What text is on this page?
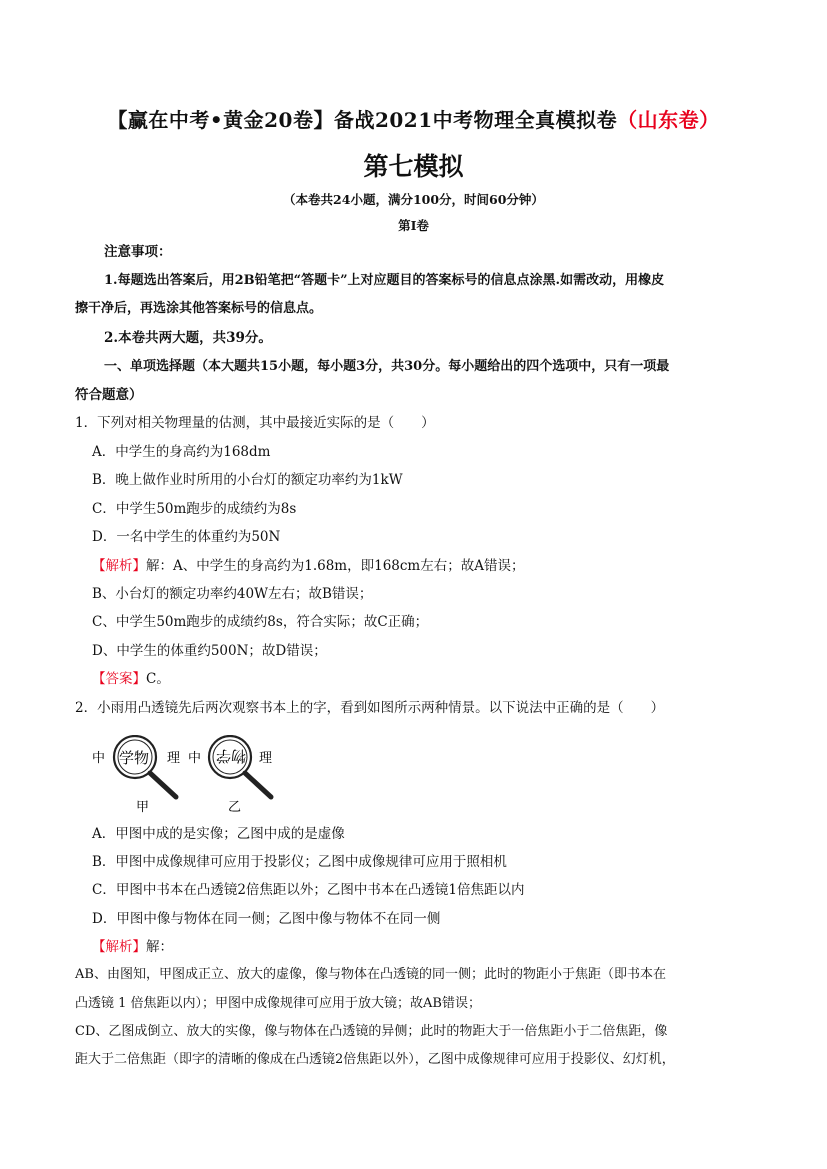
【赢在中考•黄金20卷】备战2021中考物理全真模拟卷（山东卷）
第七模拟
（本卷共24小题，满分100分，时间60分钟）
第Ⅰ卷
注意事项：
1.每题选出答案后，用2B铅笔把“答题卡”上对应题目的答案标号的信息点涂黑.如需改动，用橡皮
擦干净后，再选涂其他答案标号的信息点。
2.本卷共两大题，共39分。
一、单项选择题（本大题共15小题，每小题3分，共30分。每小题给出的四个选项中，只有一项最
符合题意）
1．下列对相关物理量的估测，其中最接近实际的是（　　）
A．中学生的身高约为168dm
B．晚上做作业时所用的小台灯的额定功率约为1kW
C．中学生50m跑步的成绩约为8s
D．一名中学生的体重约为50N
【解析】解：A、中学生的身高约为1.68m，即168cm左右；故A错误；
B、小台灯的额定功率约40W左右；故B错误；
C、中学生50m跑步的成绩约8s，符合实际；故C正确；
D、中学生的体重约500N；故D错误；
【答案】C。
2．小雨用凸透镜先后两次观察书本上的字，看到如图所示两种情景。以下说法中正确的是（　　）
中 学物 理
甲
中 物学 理
乙
A．甲图中成的是实像；乙图中成的是虚像
B．甲图中成像规律可应用于投影仪；乙图中成像规律可应用于照相机
C．甲图中书本在凸透镜2倍焦距以外；乙图中书本在凸透镜1倍焦距以内
D．甲图中像与物体在同一侧；乙图中像与物体不在同一侧
【解析】解：
AB、由图知，甲图成正立、放大的虚像，像与物体在凸透镜的同一侧；此时的物距小于焦距（即书本在
凸透镜 1 倍焦距以内）；甲图中成像规律可应用于放大镜；故AB错误；
CD、乙图成倒立、放大的实像，像与物体在凸透镜的异侧；此时的物距大于一倍焦距小于二倍焦距，像
距大于二倍焦距（即字的清晰的像成在凸透镜2倍焦距以外），乙图中成像规律可应用于投影仪、幻灯机，
